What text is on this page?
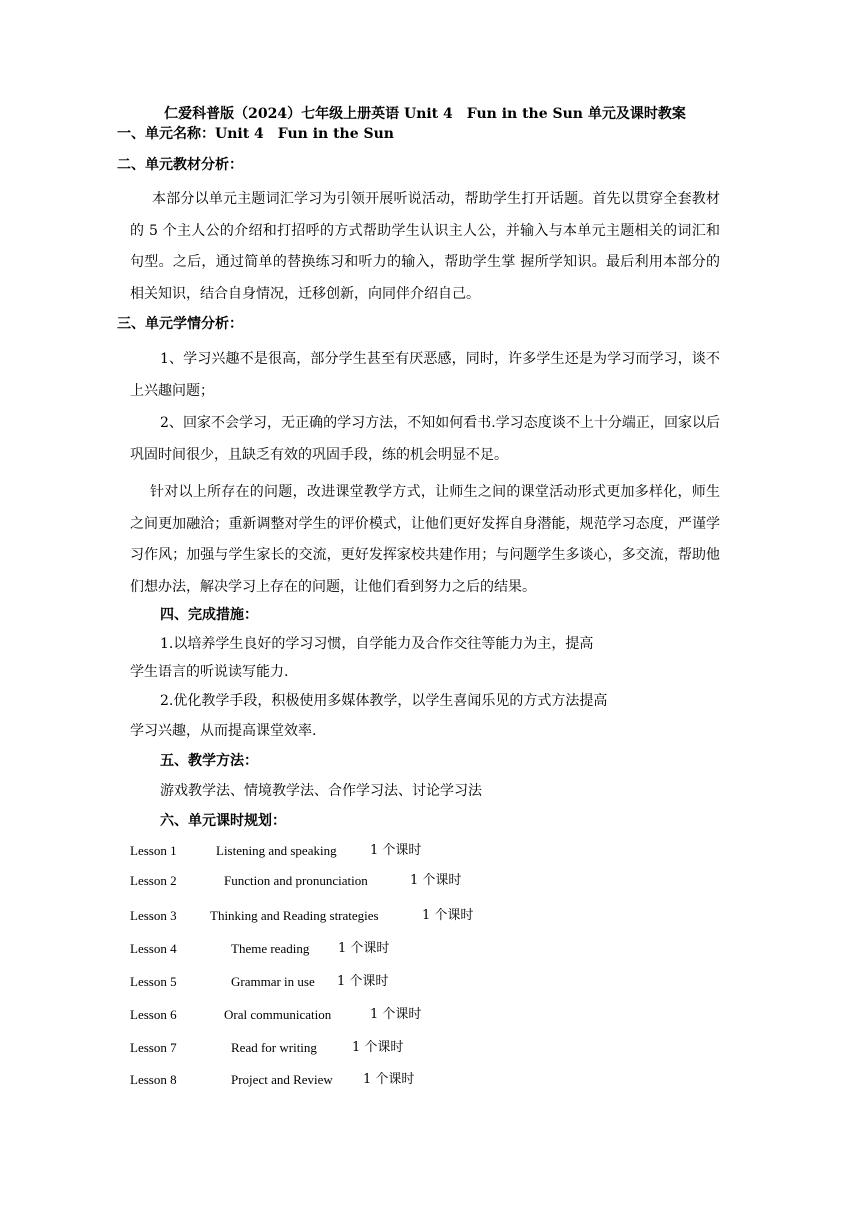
仁爱科普版（2024）七年级上册英语 Unit 4　Fun in the Sun 单元及课时教案
一、单元名称：Unit 4　Fun in the Sun
二、单元教材分析：
本部分以单元主题词汇学习为引领开展听说活动，帮助学生打开话题。首先以贯穿全套教材的 5 个主人公的介绍和打招呼的方式帮助学生认识主人公，并输入与本单元主题相关的词汇和 句型。之后，通过简单的替换练习和听力的输入，帮助学生掌 握所学知识。最后利用本部分的相关知识，结合自身情况，迁移创新，向同伴介绍自己。
三、单元学情分析：
1、学习兴趣不是很高，部分学生甚至有厌恶感，同时，许多学生还是为学习而学习，谈不上兴趣问题；
2、回家不会学习，无正确的学习方法，不知如何看书.学习态度谈不上十分端正，回家以后巩固时间很少，且缺乏有效的巩固手段，练的机会明显不足。
针对以上所存在的问题，改进课堂教学方式，让师生之间的课堂活动形式更加多样化，师生之间更加融洽；重新调整对学生的评价模式，让他们更好发挥自身潜能，规范学习态度，严谨学习作风；加强与学生家长的交流，更好发挥家校共建作用；与问题学生多谈心，多交流，帮助他们想办法，解决学习上存在的问题，让他们看到努力之后的结果。
四、完成措施：
1.以培养学生良好的学习习惯，自学能力及合作交往等能力为主，提高
学生语言的听说读写能力.
2.优化教学手段，积极使用多媒体教学，以学生喜闻乐见的方式方法提高
学习兴趣，从而提高课堂效率.
五、教学方法：
游戏教学法、情境教学法、合作学习法、讨论学习法
六、单元课时规划：
Lesson 1	Listening and speaking	1 个课时
Lesson 2	Function and pronunciation	1 个课时
Lesson 3	Thinking and Reading strategies	1 个课时
Lesson 4	Theme reading 1 个课时
Lesson 5	Grammar in use 1 个课时
Lesson 6	Oral communication	1 个课时
Lesson 7	Read for writing	1 个课时
Lesson 8	Project and Review 1 个课时
